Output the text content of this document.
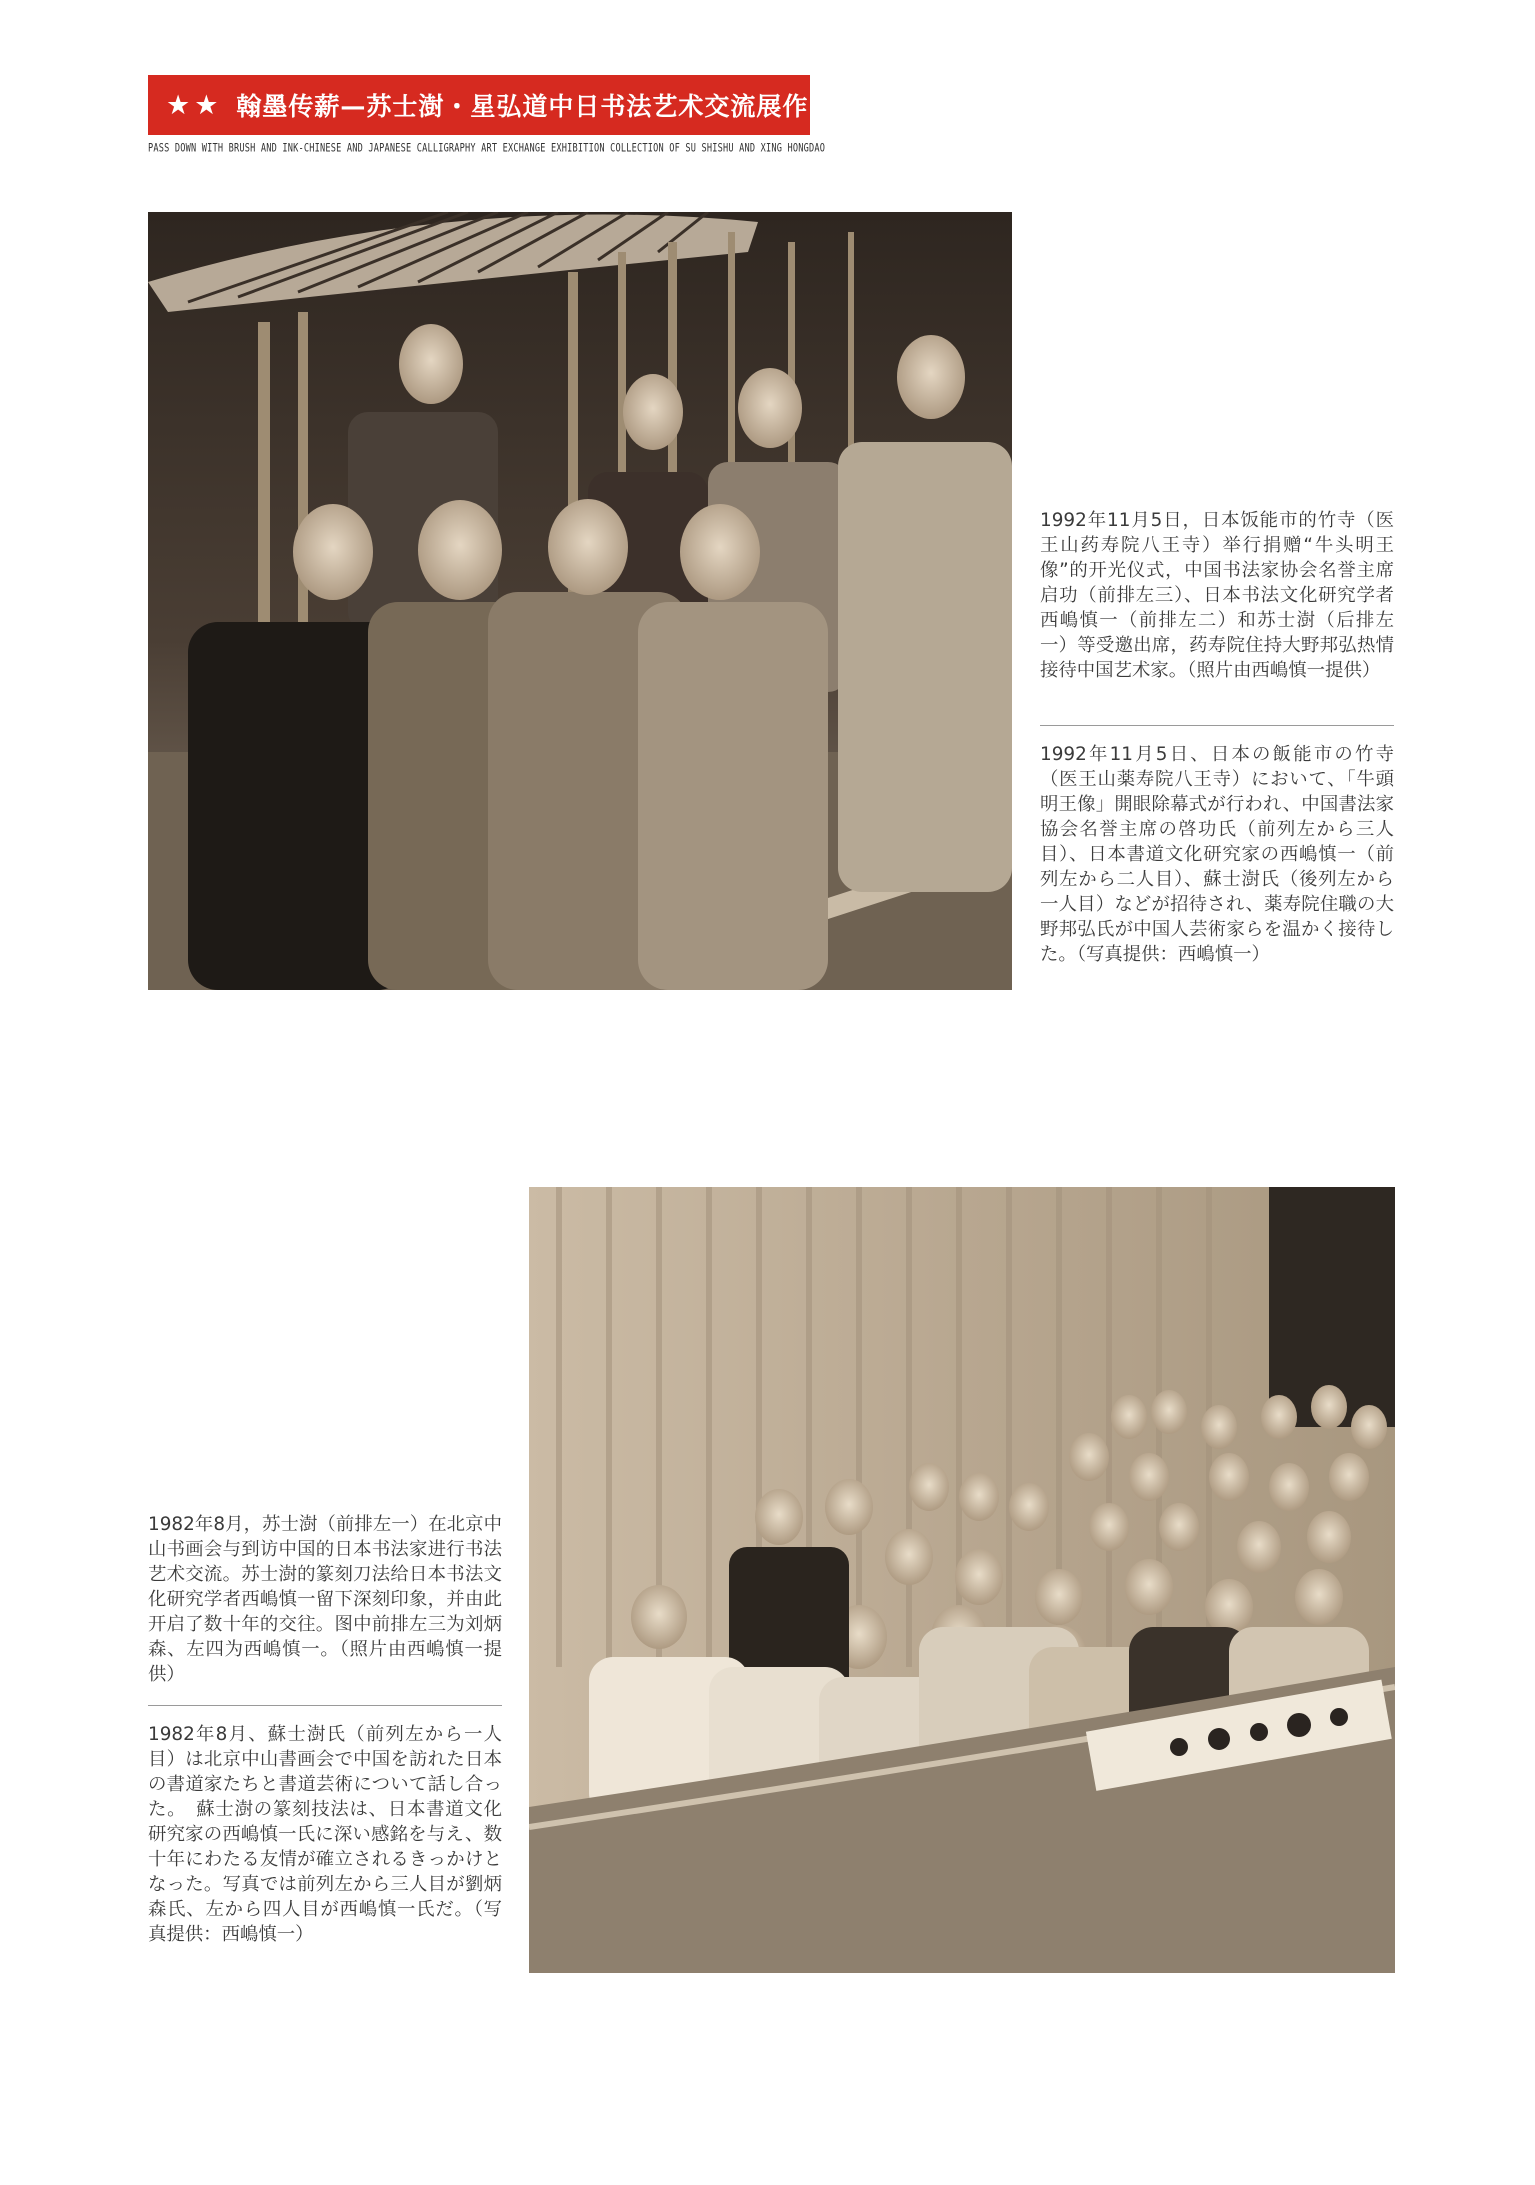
★★ 翰墨传薪—苏士澍・星弘道中日书法艺术交流展作品集
PASS DOWN WITH BRUSH AND INK-CHINESE AND JAPANESE CALLIGRAPHY ART EXCHANGE EXHIBITION COLLECTION OF SU SHISHU AND XING HONGDAO
1992年11月5日，日本饭能市的竹寺（医王山药寿院八王寺）举行捐赠“牛头明王像”的开光仪式，中国书法家协会名誉主席启功（前排左三）、日本书法文化研究学者西嶋慎一（前排左二）和苏士澍（后排左一）等受邀出席，药寿院住持大野邦弘热情接待中国艺术家。（照片由西嶋慎一提供）
1992年11月5日、日本の飯能市の竹寺（医王山薬寿院八王寺）において、「牛頭明王像」開眼除幕式が行われ、中国書法家協会名誉主席の啓功氏（前列左から三人目）、日本書道文化研究家の西嶋慎一（前列左から二人目）、蘇士澍氏（後列左から一人目）などが招待され、薬寿院住職の大野邦弘氏が中国人芸術家らを温かく接待した。（写真提供：西嶋慎一）
1982年8月，苏士澍（前排左一）在北京中山书画会与到访中国的日本书法家进行书法艺术交流。苏士澍的篆刻刀法给日本书法文化研究学者西嶋慎一留下深刻印象，并由此开启了数十年的交往。图中前排左三为刘炳森、左四为西嶋慎一。（照片由西嶋慎一提供）
1982年8月、蘇士澍氏（前列左から一人目）は北京中山書画会で中国を訪れた日本の書道家たちと書道芸術について話し合った。　蘇士澍の篆刻技法は、日本書道文化研究家の西嶋慎一氏に深い感銘を与え、数十年にわたる友情が確立されるきっかけとなった。写真では前列左から三人目が劉炳森氏、左から四人目が西嶋慎一氏だ。（写真提供：西嶋慎一）
